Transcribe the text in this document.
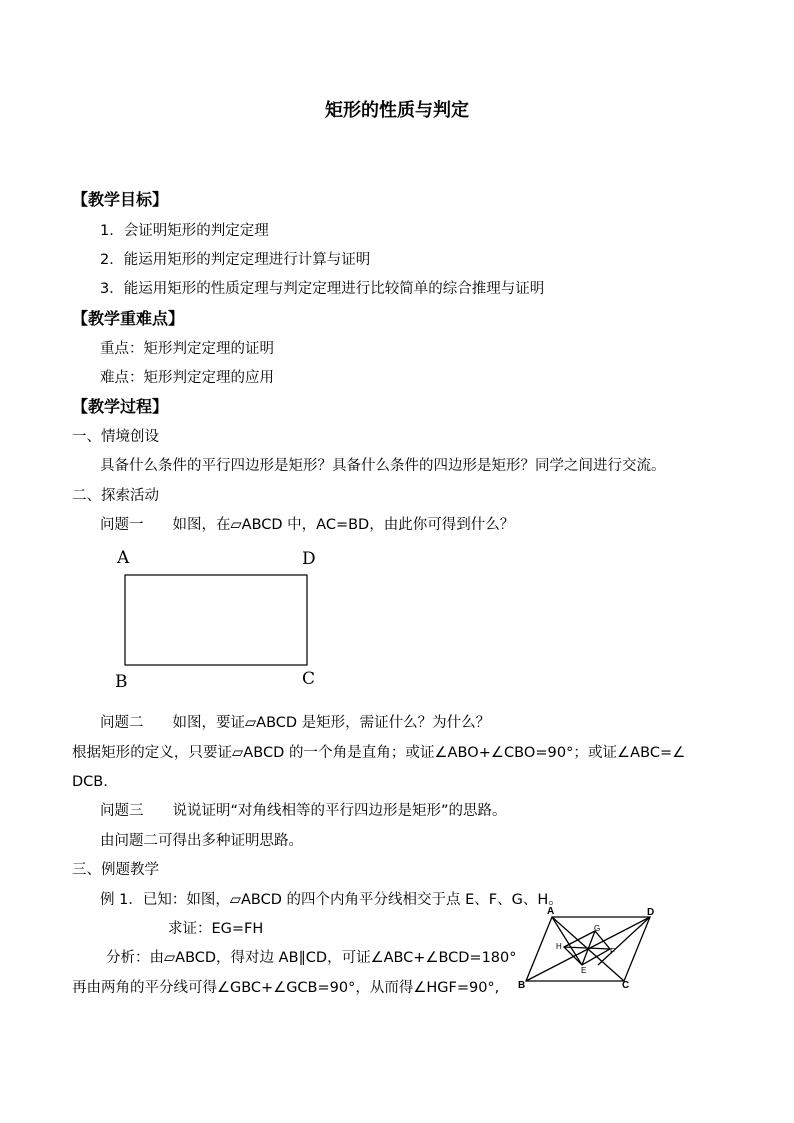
矩形的性质与判定
【教学目标】
1．会证明矩形的判定定理
2．能运用矩形的判定定理进行计算与证明
3．能运用矩形的性质定理与判定定理进行比较简单的综合推理与证明
【教学重难点】
重点：矩形判定定理的证明
难点：矩形判定定理的应用
【教学过程】
一、情境创设
具备什么条件的平行四边形是矩形？具备什么条件的四边形是矩形？同学之间进行交流。
二、探索活动
问题一　　如图，在▱ABCD 中，AC=BD，由此你可得到什么？
A	D
B	C
问题二　　如图，要证▱ABCD 是矩形，需证什么？为什么？
根据矩形的定义，只要证▱ABCD 的一个角是直角；或证∠ABO+∠CBO=90°；或证∠ABC=∠
DCB.
问题三　　说说证明“对角线相等的平行四边形是矩形”的思路。
由问题二可得出多种证明思路。
三、例题教学
例 1．已知：如图，▱ABCD 的四个内角平分线相交于点 E、F、G、H。
求证：EG=FH
分析：由▱ABCD，得对边 AB∥CD，可证∠ABC+∠BCD=180°
再由两角的平分线可得∠GBC+∠GCB=90°，从而得∠HGF=90°,
A	D
B	C
H
G
F
E
